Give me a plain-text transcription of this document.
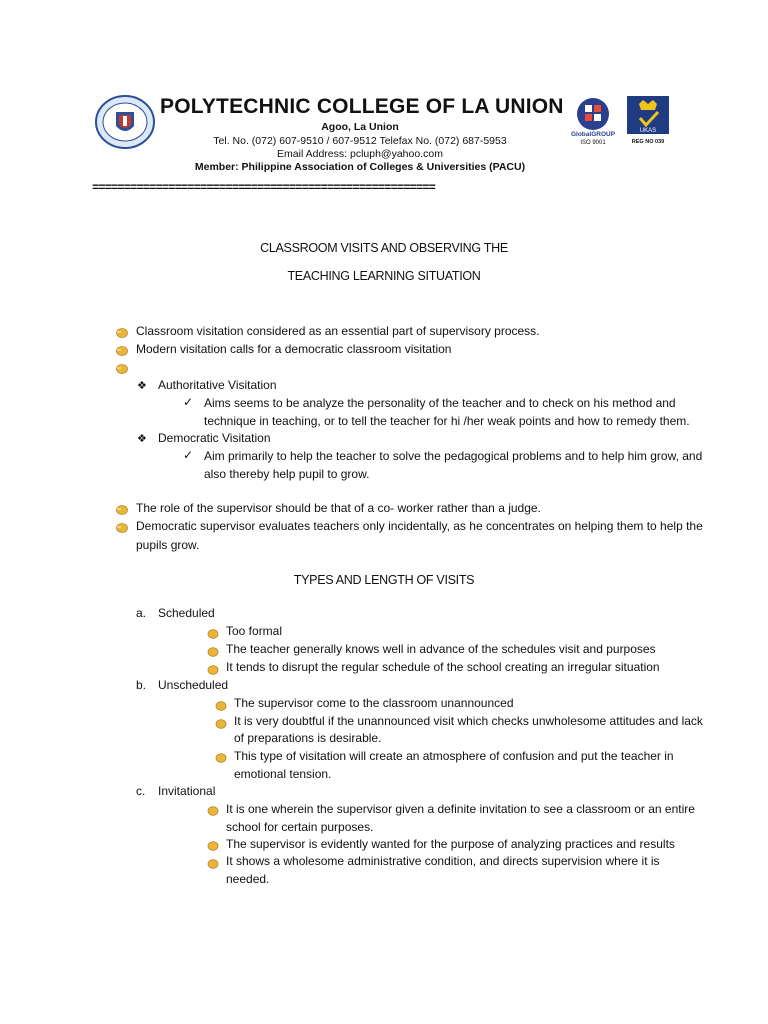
POLYTECHNIC COLLEGE OF LA UNION
Agoo, La Union
Tel. No. (072) 607-9510 / 607-9512 Telefax No. (072) 687-5953
Email Address: pcluph@yahoo.com
Member: Philippine Association of Colleges & Universities (PACU)
GlobalGROUP
ISO 9001
UKAS
REG NO 039
======================================================
CLASSROOM VISITS AND OBSERVING THE
TEACHING LEARNING SITUATION
Classroom visitation considered as an essential part of supervisory process.
Modern visitation calls for a democratic classroom visitation
❖ Authoritative Visitation
✓ Aims seems to be analyze the personality of the teacher and to check on his method and
technique in teaching, or to tell the teacher for hi /her weak points and how to remedy them.
❖ Democratic Visitation
✓ Aim primarily to help the teacher to solve the pedagogical problems and to help him grow, and
also thereby help pupil to grow.
The role of the supervisor should be that of a co- worker rather than a judge.
Democratic supervisor evaluates teachers only incidentally, as he concentrates on helping them to help the
pupils grow.
TYPES AND LENGTH OF VISITS
a. Scheduled
Too formal
The teacher generally knows well in advance of the schedules visit and purposes
It tends to disrupt the regular schedule of the school creating an irregular situation
b. Unscheduled
The supervisor come to the classroom unannounced
It is very doubtful if the unannounced visit which checks unwholesome attitudes and lack
of preparations is desirable.
This type of visitation will create an atmosphere of confusion and put the teacher in
emotional tension.
c. Invitational
It is one wherein the supervisor given a definite invitation to see a classroom or an entire
school for certain purposes.
The supervisor is evidently wanted for the purpose of analyzing practices and results
It shows a wholesome administrative condition, and directs supervision where it is
needed.
